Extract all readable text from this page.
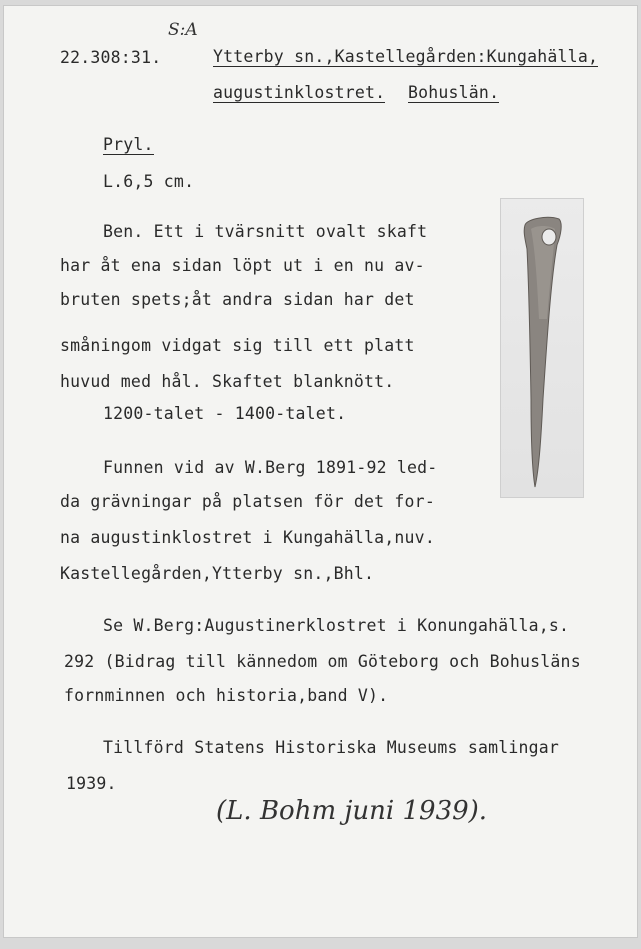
S:A
22.308:31.	Ytterby sn.,Kastellegården:Kungahälla,
augustinklostret. Bohuslän.
Pryl.
L.6,5 cm.
Ben. Ett i tvärsnitt ovalt skaft
har åt ena sidan löpt ut i en nu av-
bruten spets;åt andra sidan har det
småningom vidgat sig till ett platt
huvud med hål. Skaftet blanknött.
1200-talet - 1400-talet.
Funnen vid av W.Berg 1891-92 led-
da grävningar på platsen för det for-
na augustinklostret i Kungahälla,nuv.
Kastellegården,Ytterby sn.,Bhl.
Se W.Berg:Augustinerklostret i Konungahälla,s.
292 (Bidrag till kännedom om Göteborg och Bohusläns
fornminnen och historia,band V).
Tillförd Statens Historiska Museums samlingar
1939.
(L. Bohm juni 1939).
